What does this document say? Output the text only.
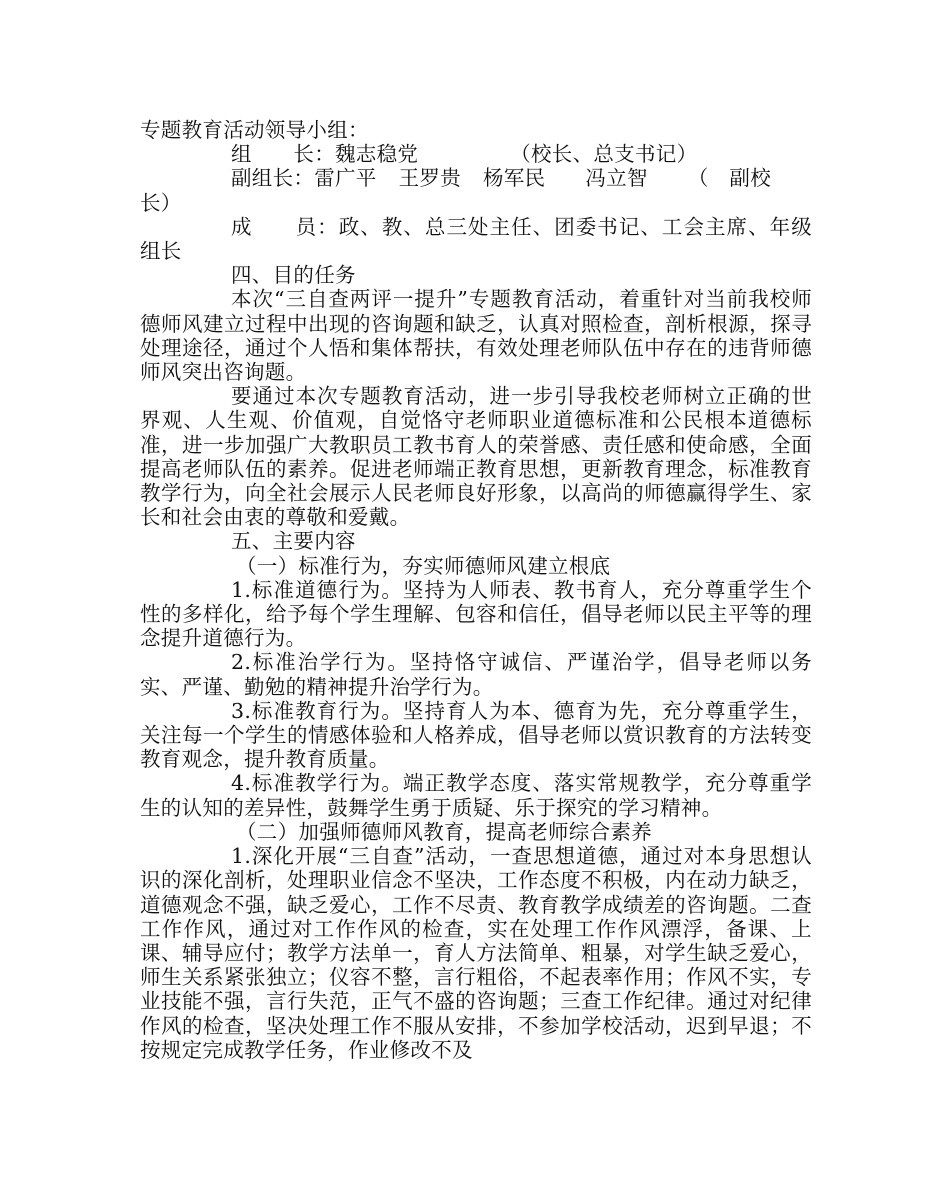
专题教育活动领导小组：

组　　长： 魏志稳党	（校长、总支书记）
副组长： 雷广平 王罗贵 杨军民 冯立智 （　副校

长）

成　　员：政、教、总三处主任、团委书记、工会主席、年级组长

四、目的任务

本次“三自查两评一提升”专题教育活动，着重针对当前我校师德师风建立过程中出现的咨询题和缺乏，认真对照检查，剖析根源，探寻处理途径，通过个人悟和集体帮扶，有效处理老师队伍中存在的违背师德师风突出咨询题。

要通过本次专题教育活动，进一步引导我校老师树立正确的世界观、人生观、价值观，自觉恪守老师职业道德标准和公民根本道德标准，进一步加强广大教职员工教书育人的荣誉感、责任感和使命感，全面提高老师队伍的素养。促进老师端正教育思想，更新教育理念，标准教育教学行为，向全社会展示人民老师良好形象，以高尚的师德赢得学生、家长和社会由衷的尊敬和爱戴。

五、主要内容

（一）标准行为，夯实师德师风建立根底

1.标准道德行为。坚持为人师表、教书育人，充分尊重学生个性的多样化，给予每个学生理解、包容和信任，倡导老师以民主平等的理念提升道德行为。

2.标准治学行为。坚持恪守诚信、严谨治学，倡导老师以务实、严谨、勤勉的精神提升治学行为。

3.标准教育行为。坚持育人为本、德育为先，充分尊重学生，关注每一个学生的情感体验和人格养成，倡导老师以赏识教育的方法转变教育观念，提升教育质量。

4.标准教学行为。端正教学态度、落实常规教学，充分尊重学生的认知的差异性，鼓舞学生勇于质疑、乐于探究的学习精神。

（二）加强师德师风教育，提高老师综合素养

1.深化开展“三自查”活动，一查思想道德，通过对本身思想认识的深化剖析，处理职业信念不坚决，工作态度不积极，内在动力缺乏，道德观念不强，缺乏爱心，工作不尽责、教育教学成绩差的咨询题。二查工作作风，通过对工作作风的检查，实在处理工作作风漂浮，备课、上课、辅导应付；教学方法单一，育人方法简单、粗暴，对学生缺乏爱心，师生关系紧张独立；仪容不整，言行粗俗，不起表率作用；作风不实，专业技能不强，言行失范，正气不盛的咨询题；三查工作纪律。通过对纪律作风的检查，坚决处理工作不服从安排，不参加学校活动，迟到早退；不按规定完成教学任务，作业修改不及
